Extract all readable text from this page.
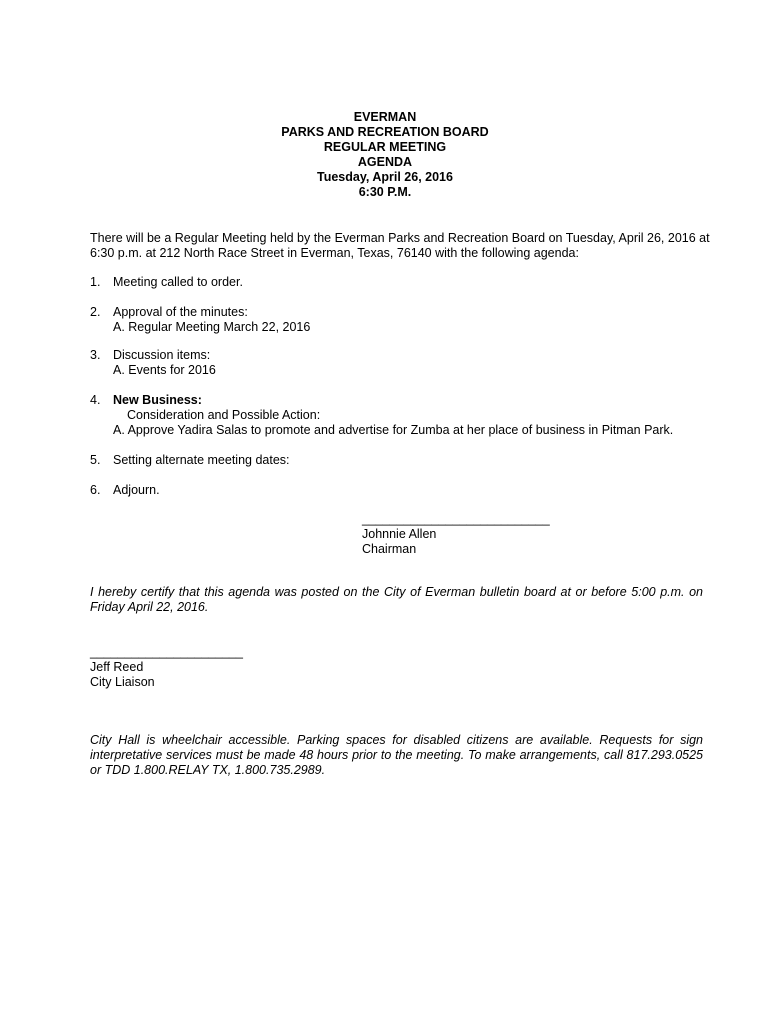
EVERMAN
PARKS AND RECREATION BOARD
REGULAR MEETING
AGENDA
Tuesday, April 26, 2016
6:30 P.M.
There will be a Regular Meeting held by the Everman Parks and Recreation Board on Tuesday, April 26, 2016 at 6:30 p.m. at 212 North Race Street in Everman, Texas, 76140 with the following agenda:
1. Meeting called to order.
2. Approval of the minutes:
A. Regular Meeting March 22, 2016
3. Discussion items:
A. Events for 2016
4. New Business:
Consideration and Possible Action:
A. Approve Yadira Salas to promote and advertise for Zumba at her place of business in Pitman Park.
5. Setting alternate meeting dates:
6. Adjourn.
___________________________
Johnnie Allen
Chairman
I hereby certify that this agenda was posted on the City of Everman bulletin board at or before 5:00 p.m. on Friday April 22, 2016.
______________________
Jeff Reed
City Liaison
City Hall is wheelchair accessible. Parking spaces for disabled citizens are available. Requests for sign interpretative services must be made 48 hours prior to the meeting. To make arrangements, call 817.293.0525 or TDD 1.800.RELAY TX, 1.800.735.2989.
